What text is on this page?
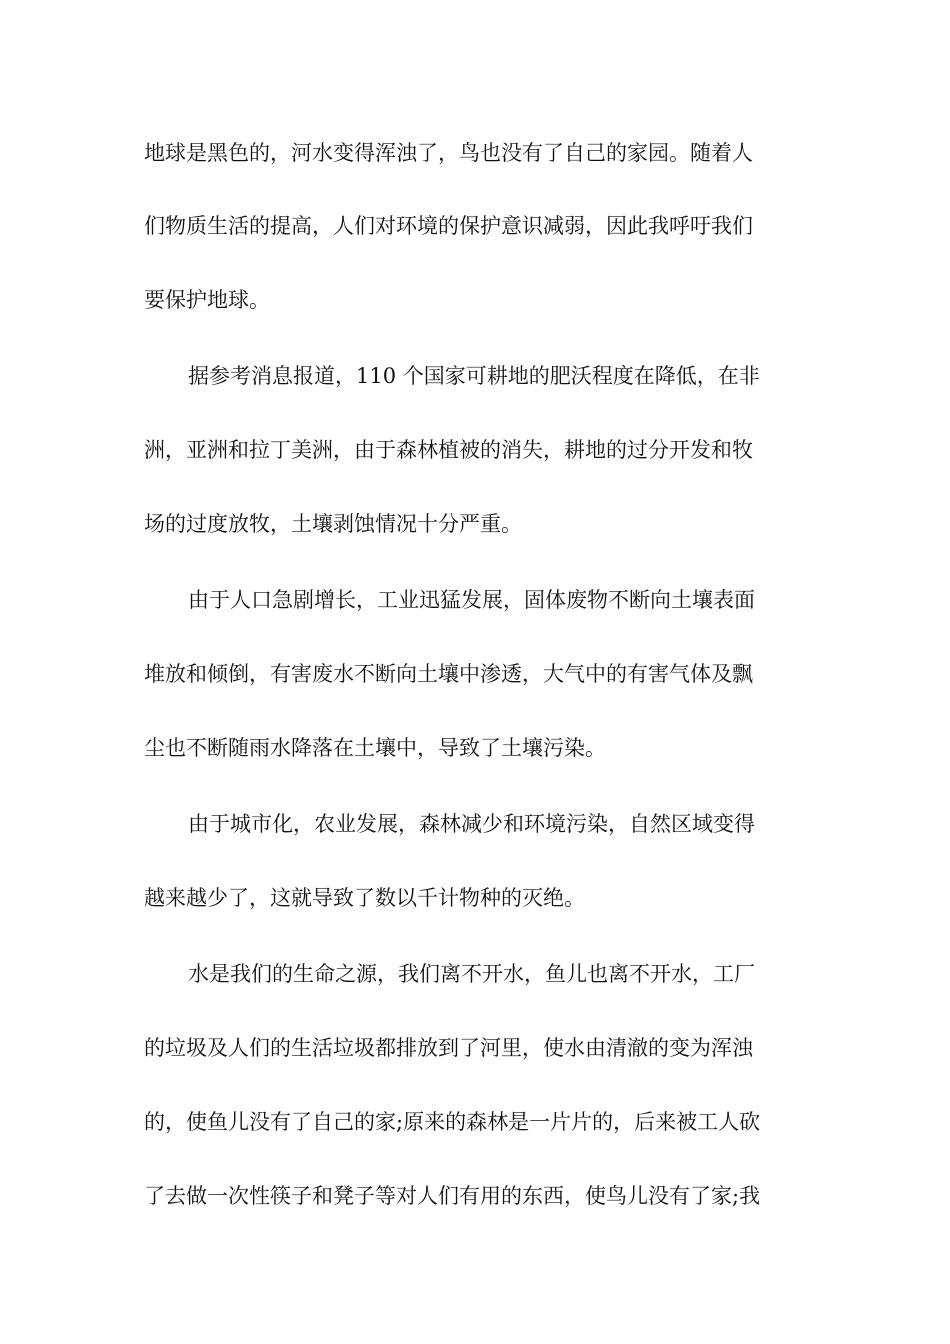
地球是黑色的，河水变得浑浊了，鸟也没有了自己的家园。随着人
们物质生活的提高，人们对环境的保护意识减弱，因此我呼吁我们
要保护地球。
据参考消息报道，110 个国家可耕地的肥沃程度在降低，在非
洲，亚洲和拉丁美洲，由于森林植被的消失，耕地的过分开发和牧
场的过度放牧，土壤剥蚀情况十分严重。
由于人口急剧增长，工业迅猛发展，固体废物不断向土壤表面
堆放和倾倒，有害废水不断向土壤中渗透，大气中的有害气体及飘
尘也不断随雨水降落在土壤中，导致了土壤污染。
由于城市化，农业发展，森林减少和环境污染，自然区域变得
越来越少了，这就导致了数以千计物种的灭绝。
水是我们的生命之源，我们离不开水，鱼儿也离不开水，工厂
的垃圾及人们的生活垃圾都排放到了河里，使水由清澈的变为浑浊
的，使鱼儿没有了自己的家;原来的森林是一片片的，后来被工人砍
了去做一次性筷子和凳子等对人们有用的东西，使鸟儿没有了家;我
